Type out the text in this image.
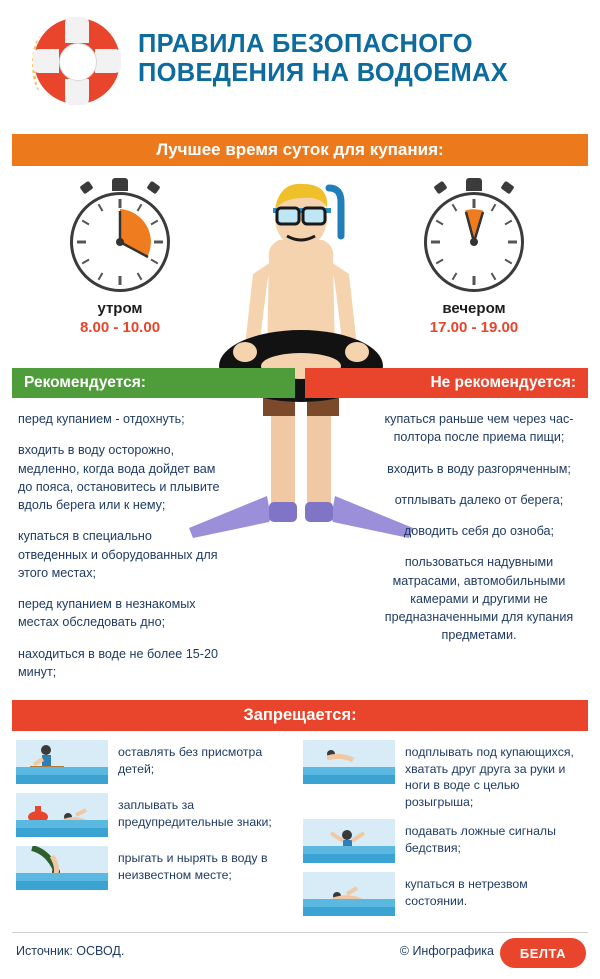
ПРАВИЛА БЕЗОПАСНОГО
ПОВЕДЕНИЯ НА ВОДОЕМАХ
Лучшее время суток для купания:
утром
8.00 - 10.00
вечером
17.00 - 19.00
Рекомендуется:	Не рекомендуется:

перед купанием - отдохнуть;

входить в воду осторожно, медленно, когда вода дойдет вам до пояса, остановитесь и плывите вдоль берега или к нему;

купаться в специально отведенных и оборудованных для этого местах;

перед купанием в незнакомых местах обследовать дно;

находиться в воде не более 15-20 минут;

купаться раньше чем через час-полтора после приема пищи;

входить в воду разгоряченным;

отплывать далеко от берега;

доводить себя до озноба;

пользоваться надувными матрасами, автомобильными камерами и другими не предназначенными для купания предметами.

Запрещается:
оставлять без присмотра детей;
заплывать за предупредительные знаки;
прыгать и нырять в воду в неизвестном месте;
подплывать под купающихся, хватать друг друга за руки и ноги в воде с целью розыгрыша;
подавать ложные сигналы бедствия;
купаться в нетрезвом состоянии.
Источник: ОСВОД.	© Инфографика БЕЛТА
